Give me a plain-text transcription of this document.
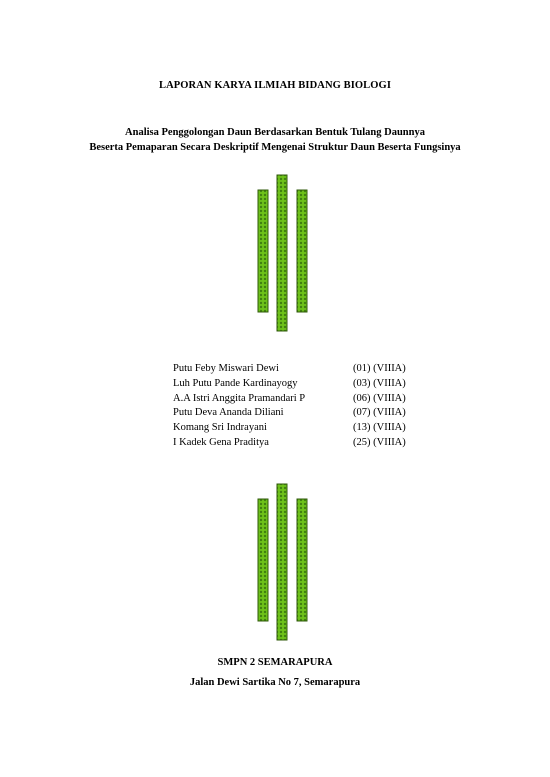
LAPORAN KARYA ILMIAH BIDANG BIOLOGI
Analisa Penggolongan Daun Berdasarkan Bentuk Tulang Daunnya
Beserta Pemaparan Secara Deskriptif Mengenai Struktur Daun Beserta Fungsinya
Putu Feby Miswari Dewi	(01) (VIIIA)
Luh Putu Pande Kardinayogy	(03) (VIIIA)
A.A Istri Anggita Pramandari P	(06) (VIIIA)
Putu Deva Ananda Diliani	(07) (VIIIA)
Komang Sri Indrayani	(13) (VIIIA)
I Kadek Gena Praditya	(25) (VIIIA)
SMPN 2 SEMARAPURA
Jalan Dewi Sartika No 7, Semarapura
